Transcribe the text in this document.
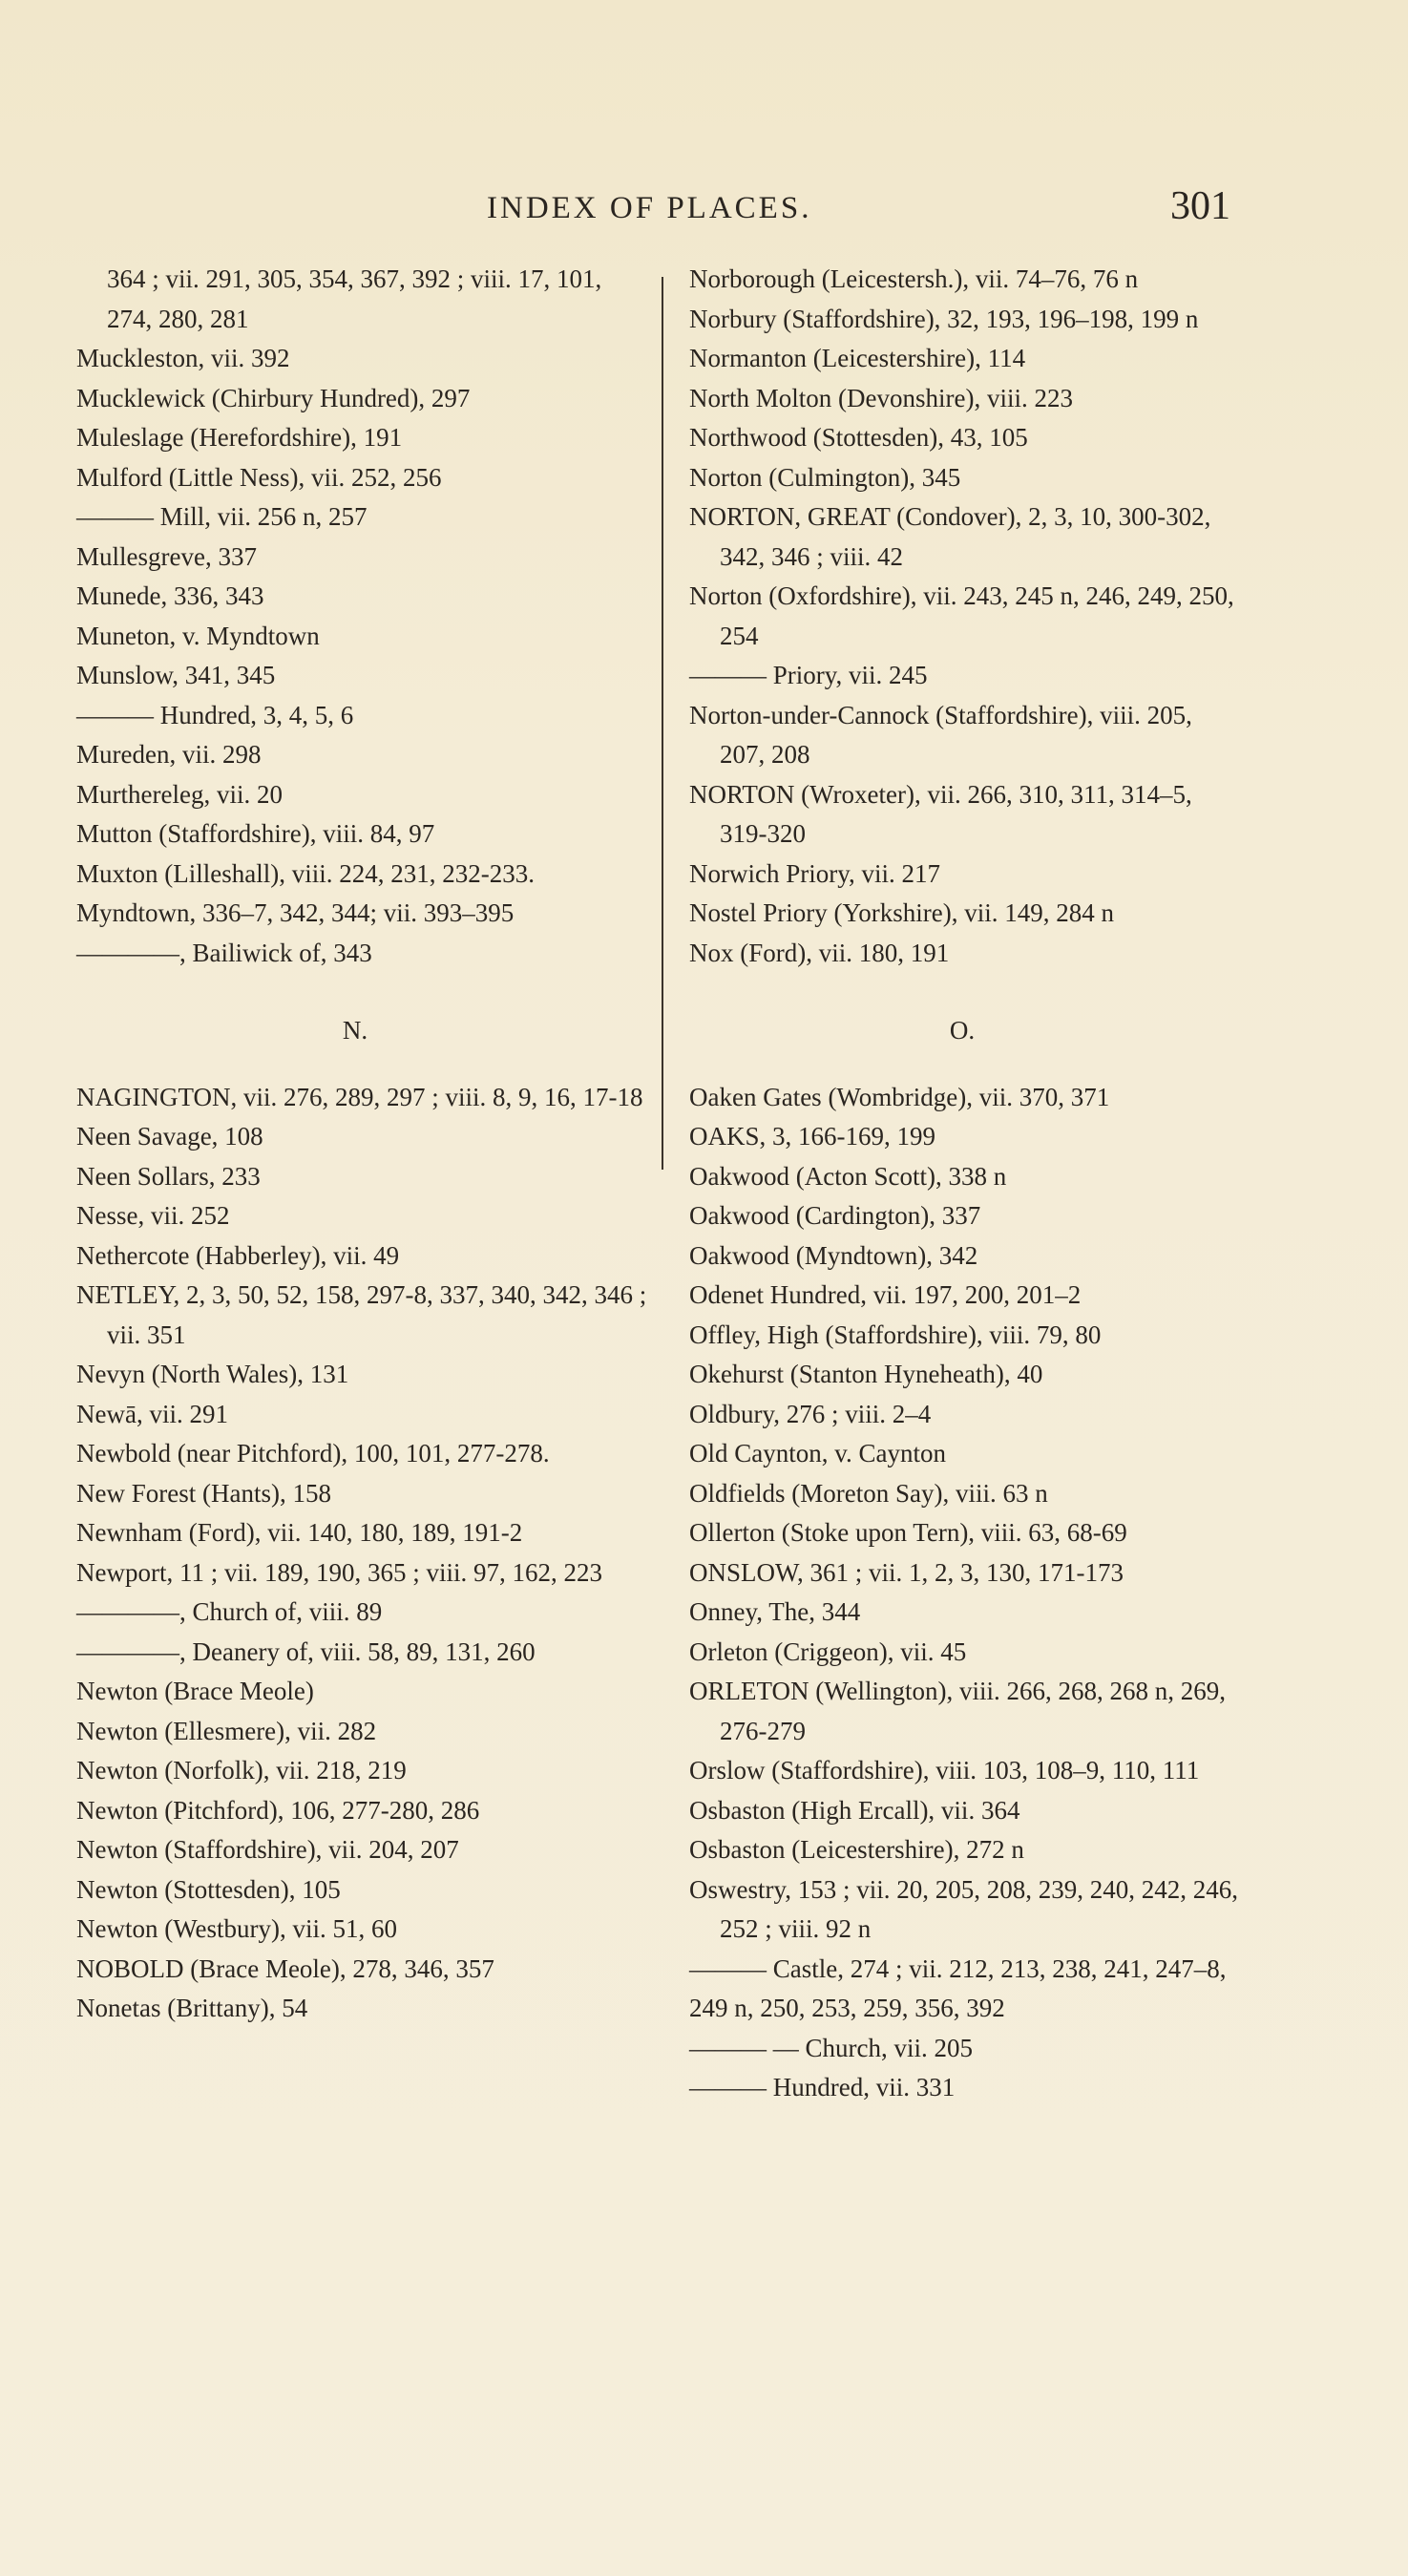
INDEX OF PLACES.	301
364 ; vii. 291, 305, 354, 367, 392 ; viii. 17, 101, 274, 280, 281
Muckleston, vii. 392
Mucklewick (Chirbury Hundred), 297
Muleslage (Herefordshire), 191
Mulford (Little Ness), vii. 252, 256
——— Mill, vii. 256 n, 257
Mullesgreve, 337
Munede, 336, 343
Muneton, v. Myndtown
Munslow, 341, 345
——— Hundred, 3, 4, 5, 6
Mureden, vii. 298
Murthereleg, vii. 20
Mutton (Staffordshire), viii. 84, 97
Muxton (Lilleshall), viii. 224, 231, 232-233.
Myndtown, 336–7, 342, 344; vii. 393–395
————, Bailiwick of, 343
N.
NAGINGTON, vii. 276, 289, 297 ; viii. 8, 9, 16, 17-18
Neen Savage, 108
Neen Sollars, 233
Nesse, vii. 252
Nethercote (Habberley), vii. 49
NETLEY, 2, 3, 50, 52, 158, 297-8, 337, 340, 342, 346 ; vii. 351
Nevyn (North Wales), 131
Newā, vii. 291
Newbold (near Pitchford), 100, 101, 277-278.
New Forest (Hants), 158
Newnham (Ford), vii. 140, 180, 189, 191-2
Newport, 11 ; vii. 189, 190, 365 ; viii. 97, 162, 223
————, Church of, viii. 89
————, Deanery of, viii. 58, 89, 131, 260
Newton (Brace Meole)
Newton (Ellesmere), vii. 282
Newton (Norfolk), vii. 218, 219
Newton (Pitchford), 106, 277-280, 286
Newton (Staffordshire), vii. 204, 207
Newton (Stottesden), 105
Newton (Westbury), vii. 51, 60
NOBOLD (Brace Meole), 278, 346, 357
Nonetas (Brittany), 54
Norborough (Leicestersh.), vii. 74–76, 76 n
Norbury (Staffordshire), 32, 193, 196–198, 199 n
Normanton (Leicestershire), 114
North Molton (Devonshire), viii. 223
Northwood (Stottesden), 43, 105
Norton (Culmington), 345
NORTON, GREAT (Condover), 2, 3, 10, 300-302, 342, 346 ; viii. 42
Norton (Oxfordshire), vii. 243, 245 n, 246, 249, 250, 254
——— Priory, vii. 245
Norton-under-Cannock (Staffordshire), viii. 205, 207, 208
NORTON (Wroxeter), vii. 266, 310, 311, 314–5, 319-320
Norwich Priory, vii. 217
Nostel Priory (Yorkshire), vii. 149, 284 n
Nox (Ford), vii. 180, 191
O.
Oaken Gates (Wombridge), vii. 370, 371
OAKS, 3, 166-169, 199
Oakwood (Acton Scott), 338 n
Oakwood (Cardington), 337
Oakwood (Myndtown), 342
Odenet Hundred, vii. 197, 200, 201–2
Offley, High (Staffordshire), viii. 79, 80
Okehurst (Stanton Hyneheath), 40
Oldbury, 276 ; viii. 2–4
Old Caynton, v. Caynton
Oldfields (Moreton Say), viii. 63 n
Ollerton (Stoke upon Tern), viii. 63, 68-69
ONSLOW, 361 ; vii. 1, 2, 3, 130, 171-173
Onney, The, 344
Orleton (Criggeon), vii. 45
ORLETON (Wellington), viii. 266, 268, 268 n, 269, 276-279
Orslow (Staffordshire), viii. 103, 108–9, 110, 111
Osbaston (High Ercall), vii. 364
Osbaston (Leicestershire), 272 n
Oswestry, 153 ; vii. 20, 205, 208, 239, 240, 242, 246, 252 ; viii. 92 n
——— Castle, 274 ; vii. 212, 213, 238, 241, 247–8, 249 n, 250, 253, 259, 356, 392
——— — Church, vii. 205
——— Hundred, vii. 331
